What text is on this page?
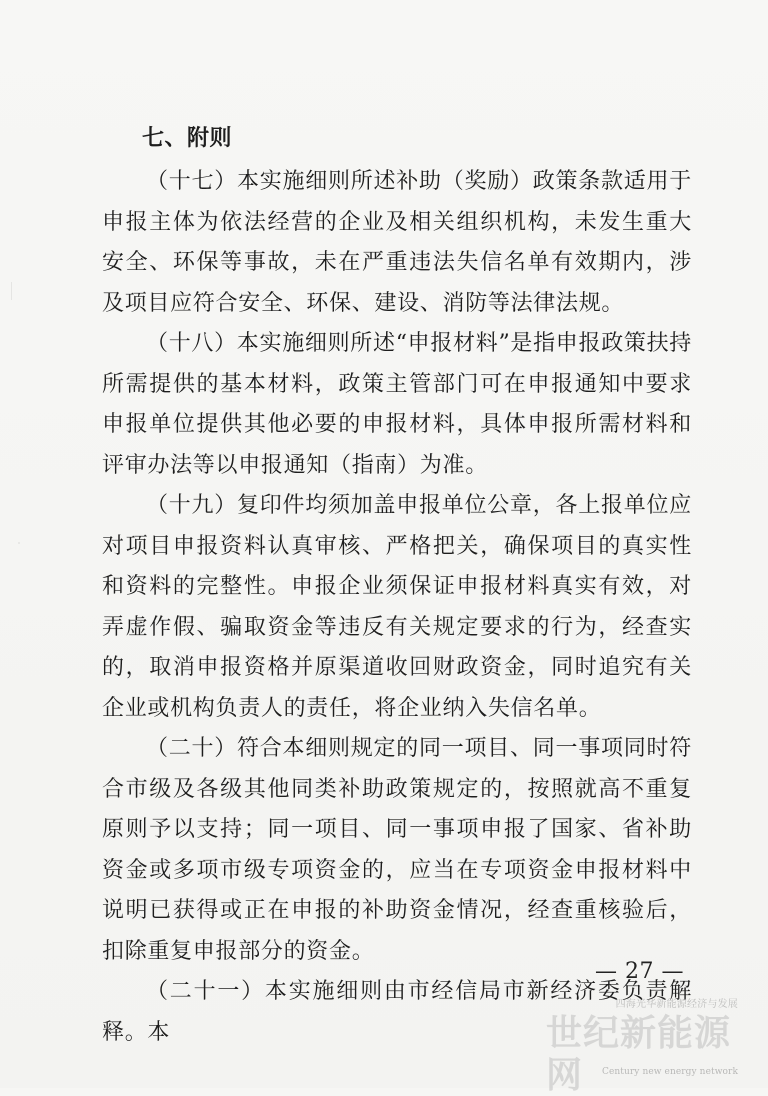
七、附则

（十七）本实施细则所述补助（奖励）政策条款适用于申报主体为依法经营的企业及相关组织机构，未发生重大安全、环保等事故，未在严重违法失信名单有效期内，涉及项目应符合安全、环保、建设、消防等法律法规。

（十八）本实施细则所述“申报材料”是指申报政策扶持所需提供的基本材料，政策主管部门可在申报通知中要求申报单位提供其他必要的申报材料，具体申报所需材料和评审办法等以申报通知（指南）为准。

（十九）复印件均须加盖申报单位公章，各上报单位应对项目申报资料认真审核、严格把关，确保项目的真实性和资料的完整性。申报企业须保证申报材料真实有效，对弄虚作假、骗取资金等违反有关规定要求的行为，经查实的，取消申报资格并原渠道收回财政资金，同时追究有关企业或机构负责人的责任，将企业纳入失信名单。

（二十）符合本细则规定的同一项目、同一事项同时符合市级及各级其他同类补助政策规定的，按照就高不重复原则予以支持；同一项目、同一事项申报了国家、省补助资金或多项市级专项资金的，应当在专项资金申报材料中说明已获得或正在申报的补助资金情况，经查重核验后，扣除重复申报部分的资金。

（二十一）本实施细则由市经信局市新经济委负责解释。本

— 27 —
四海光华新能源经济与发展
世纪新能源网	Century new energy network
